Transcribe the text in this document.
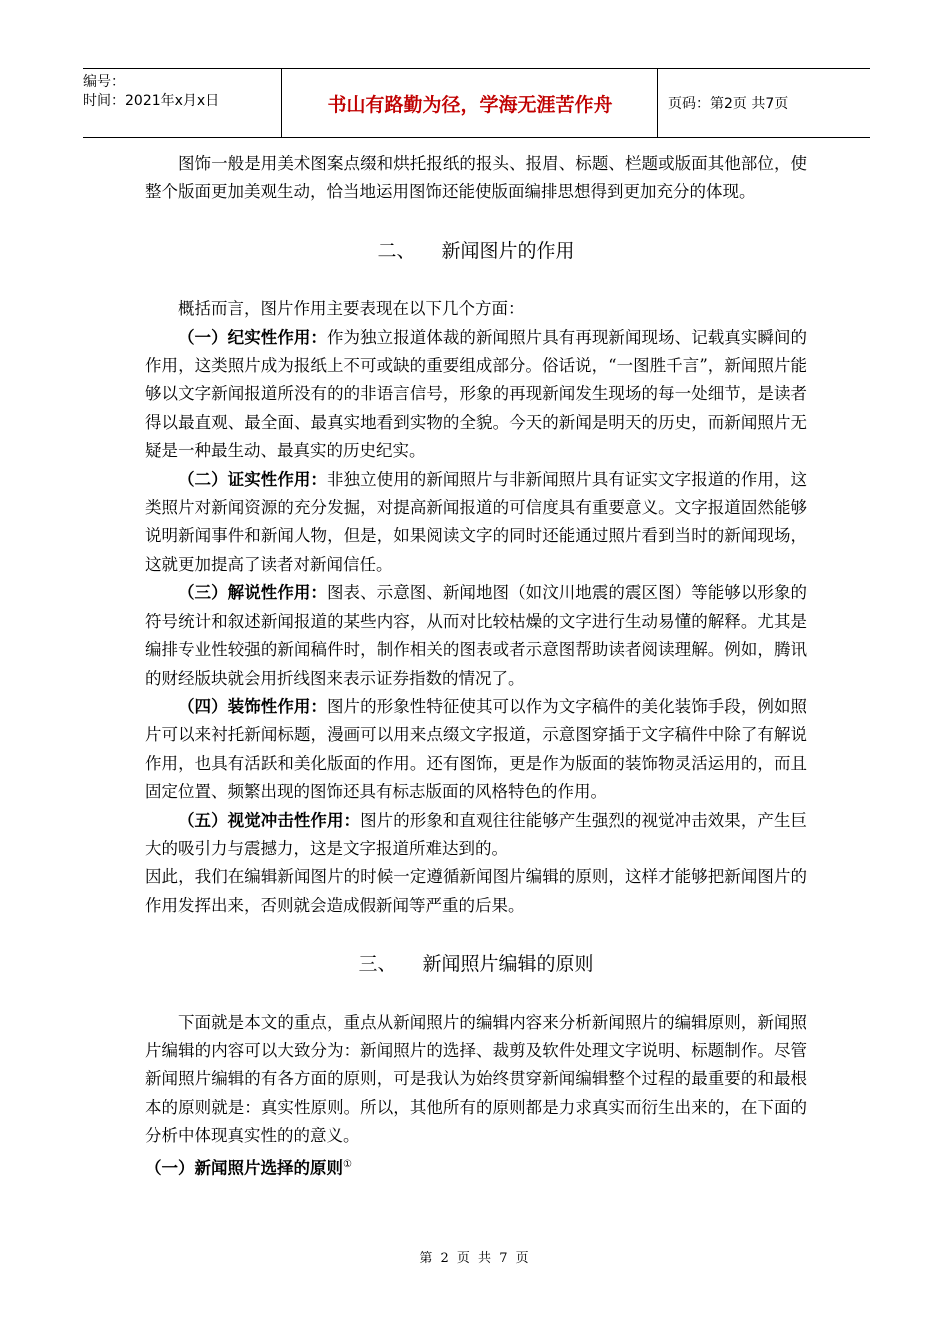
编号：
时间：2021年x月x日	书山有路勤为径，学海无涯苦作舟	页码：第2页 共7页

图饰一般是用美术图案点缀和烘托报纸的报头、报眉、标题、栏题或版面其他部位，使整个版面更加美观生动，恰当地运用图饰还能使版面编排思想得到更加充分的体现。

二、 新闻图片的作用

概括而言，图片作用主要表现在以下几个方面：

（一）纪实性作用：作为独立报道体裁的新闻照片具有再现新闻现场、记载真实瞬间的作用，这类照片成为报纸上不可或缺的重要组成部分。俗话说，“一图胜千言”，新闻照片能够以文字新闻报道所没有的的非语言信号，形象的再现新闻发生现场的每一处细节，是读者得以最直观、最全面、最真实地看到实物的全貌。今天的新闻是明天的历史，而新闻照片无疑是一种最生动、最真实的历史纪实。

（二）证实性作用：非独立使用的新闻照片与非新闻照片具有证实文字报道的作用，这类照片对新闻资源的充分发掘，对提高新闻报道的可信度具有重要意义。文字报道固然能够说明新闻事件和新闻人物，但是，如果阅读文字的同时还能通过照片看到当时的新闻现场，这就更加提高了读者对新闻信任。

（三）解说性作用：图表、示意图、新闻地图（如汶川地震的震区图）等能够以形象的符号统计和叙述新闻报道的某些内容，从而对比较枯燥的文字进行生动易懂的解释。尤其是编排专业性较强的新闻稿件时，制作相关的图表或者示意图帮助读者阅读理解。例如，腾讯的财经版块就会用折线图来表示证券指数的情况了。

（四）装饰性作用：图片的形象性特征使其可以作为文字稿件的美化装饰手段，例如照片可以来衬托新闻标题，漫画可以用来点缀文字报道，示意图穿插于文字稿件中除了有解说作用，也具有活跃和美化版面的作用。还有图饰，更是作为版面的装饰物灵活运用的，而且固定位置、频繁出现的图饰还具有标志版面的风格特色的作用。

（五）视觉冲击性作用：图片的形象和直观往往能够产生强烈的视觉冲击效果，产生巨大的吸引力与震撼力，这是文字报道所难达到的。

因此，我们在编辑新闻图片的时候一定遵循新闻图片编辑的原则，这样才能够把新闻图片的作用发挥出来，否则就会造成假新闻等严重的后果。

三、 新闻照片编辑的原则

下面就是本文的重点，重点从新闻照片的编辑内容来分析新闻照片的编辑原则，新闻照片编辑的内容可以大致分为：新闻照片的选择、裁剪及软件处理文字说明、标题制作。尽管新闻照片编辑的有各方面的原则，可是我认为始终贯穿新闻编辑整个过程的最重要的和最根本的原则就是：真实性原则。所以，其他所有的原则都是力求真实而衍生出来的，在下面的分析中体现真实性的的意义。

（一）新闻照片选择的原则①

第 2 页 共 7 页
